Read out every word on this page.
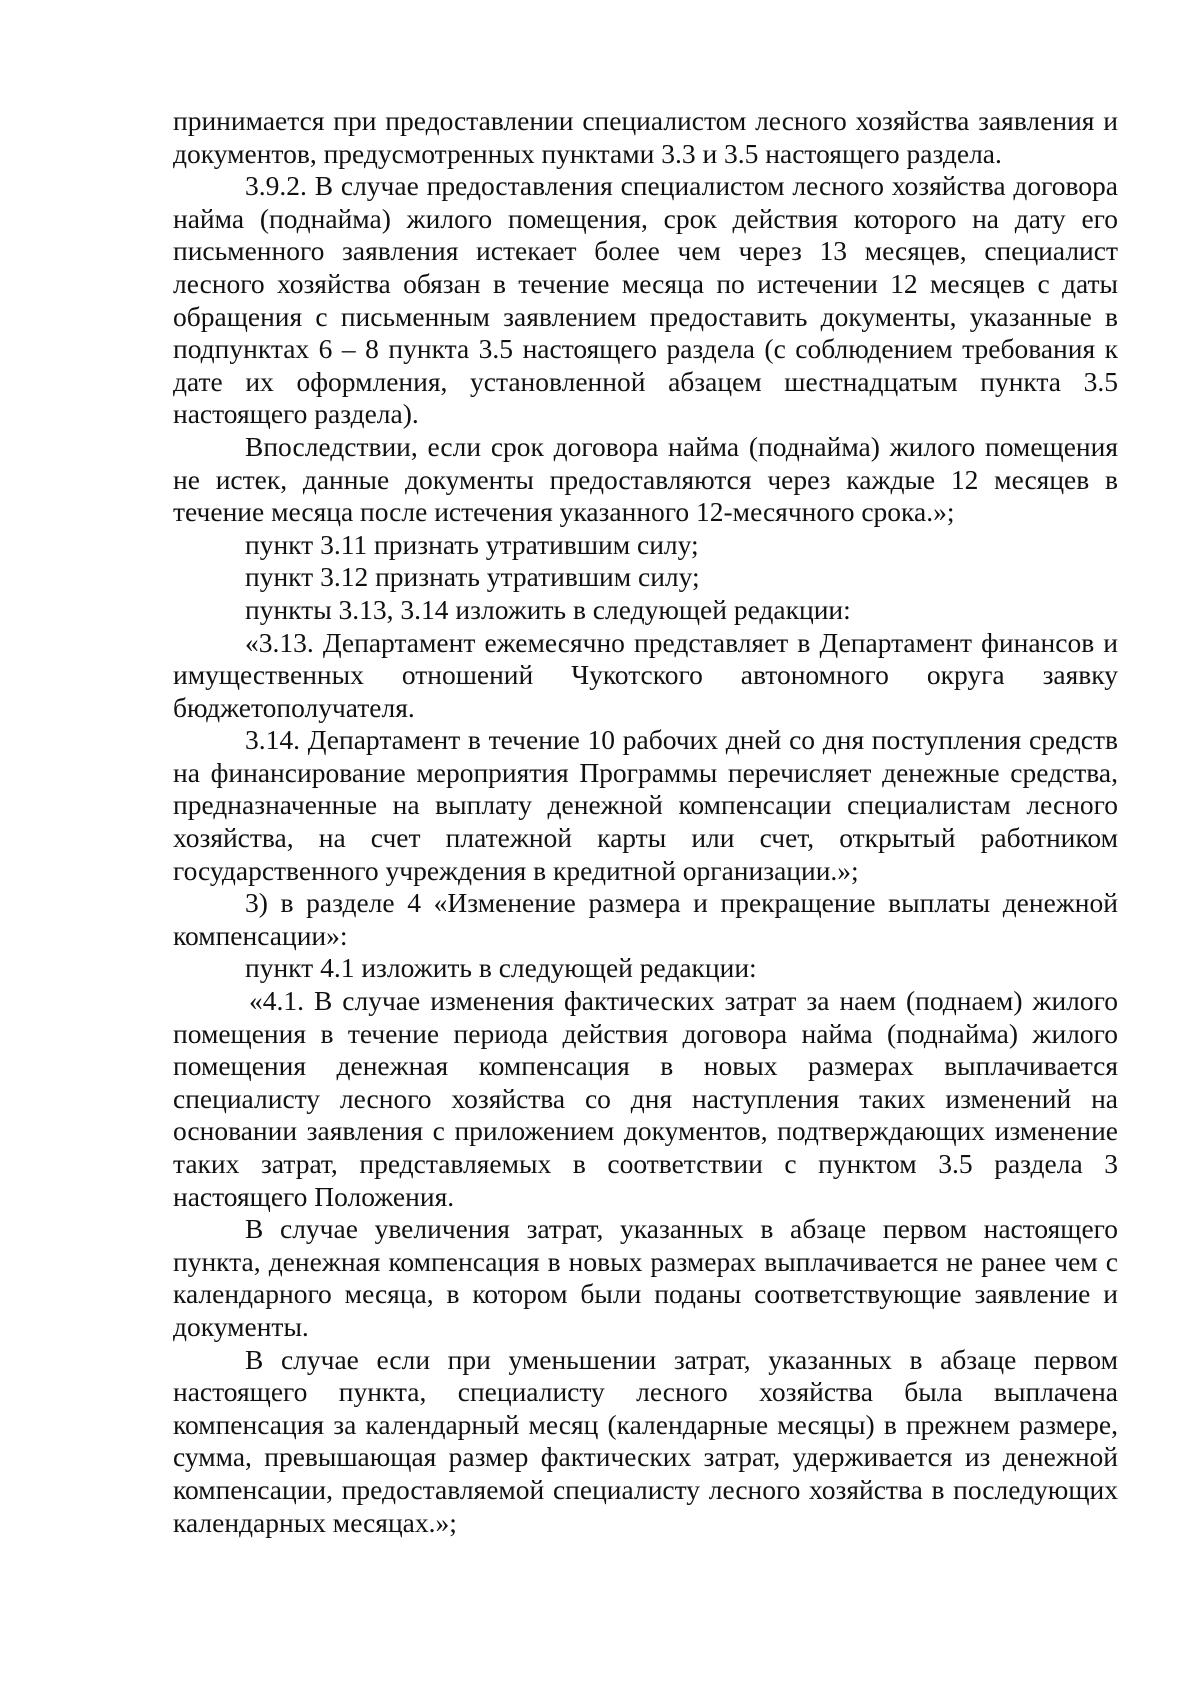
принимается при предоставлении специалистом лесного хозяйства заявления и документов, предусмотренных пунктами 3.3 и 3.5 настоящего раздела.

3.9.2. В случае предоставления специалистом лесного хозяйства договора найма (поднайма) жилого помещения, срок действия которого на дату его письменного заявления истекает более чем через 13 месяцев, специалист лесного хозяйства обязан в течение месяца по истечении 12 месяцев с даты обращения с письменным заявлением предоставить документы, указанные в подпунктах 6 – 8 пункта 3.5 настоящего раздела (с соблюдением требования к дате их оформления, установленной абзацем шестнадцатым пункта 3.5 настоящего раздела).

Впоследствии, если срок договора найма (поднайма) жилого помещения не истек, данные документы предоставляются через каждые 12 месяцев в течение месяца после истечения указанного 12-месячного срока.»;

пункт 3.11 признать утратившим силу;

пункт 3.12 признать утратившим силу;

пункты 3.13, 3.14 изложить в следующей редакции:

«3.13. Департамент ежемесячно представляет в Департамент финансов и имущественных отношений Чукотского автономного округа заявку бюджетополучателя.

3.14. Департамент в течение 10 рабочих дней со дня поступления средств на финансирование мероприятия Программы перечисляет денежные средства, предназначенные на выплату денежной компенсации специалистам лесного хозяйства, на счет платежной карты или счет, открытый работником государственного учреждения в кредитной организации.»;

3) в разделе 4 «Изменение размера и прекращение выплаты денежной компенсации»:

пункт 4.1 изложить в следующей редакции:

«4.1. В случае изменения фактических затрат за наем (поднаем) жилого помещения в течение периода действия договора найма (поднайма) жилого помещения денежная компенсация в новых размерах выплачивается специалисту лесного хозяйства со дня наступления таких изменений на основании заявления с приложением документов, подтверждающих изменение таких затрат, представляемых в соответствии с пунктом 3.5 раздела 3 настоящего Положения.

В случае увеличения затрат, указанных в абзаце первом настоящего пункта, денежная компенсация в новых размерах выплачивается не ранее чем с календарного месяца, в котором были поданы соответствующие заявление и документы.

В случае если при уменьшении затрат, указанных в абзаце первом настоящего пункта, специалисту лесного хозяйства была выплачена компенсация за календарный месяц (календарные месяцы) в прежнем размере, сумма, превышающая размер фактических затрат, удерживается из денежной компенсации, предоставляемой специалисту лесного хозяйства в последующих календарных месяцах.»;
